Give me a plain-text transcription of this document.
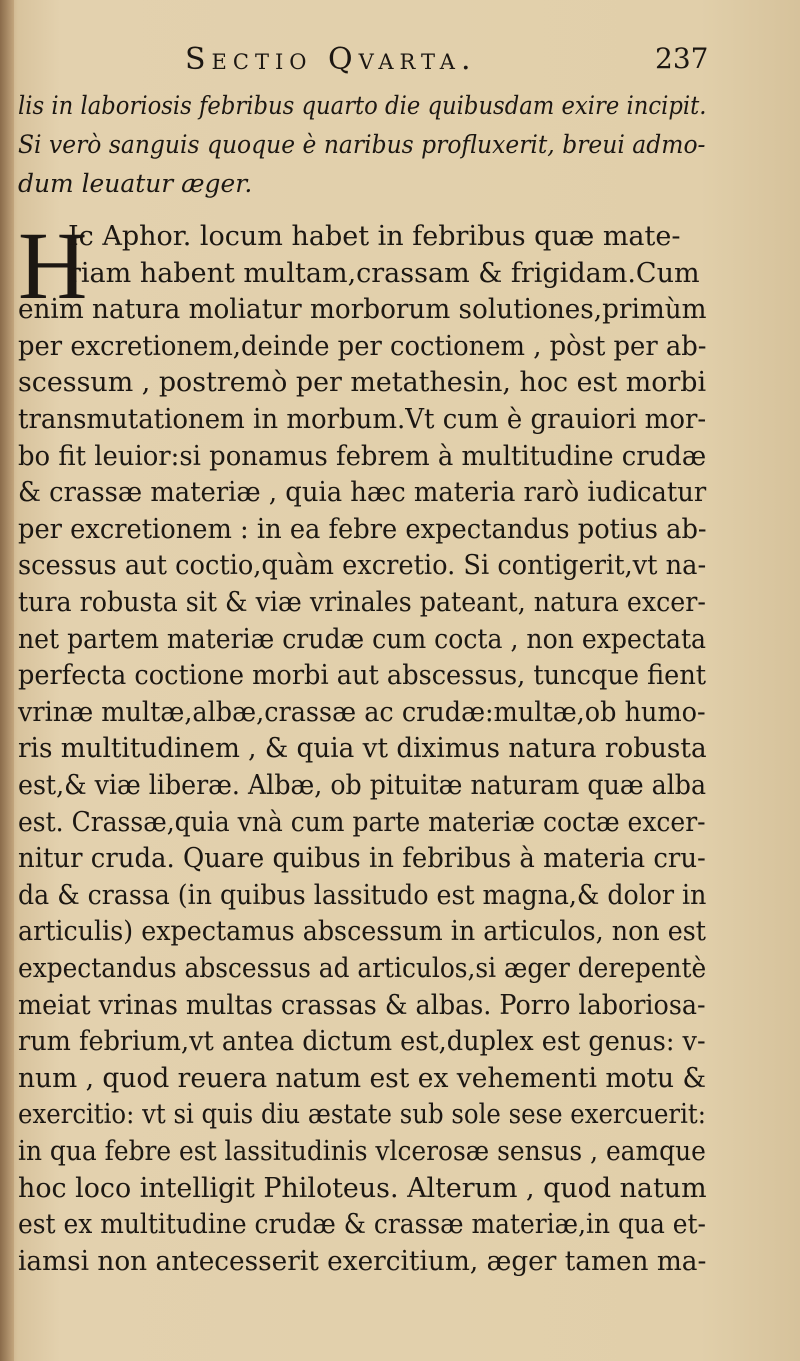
Sectio Qvarta.	237
lis in laboriosis febribus quarto die quibusdam exire incipit.
Si verò sanguis quoque è naribus profluxerit, breui admo-
dum leuatur æger.
H
Ic Aphor. locum habet in febribus quæ mate-
riam habent multam,crassam & frigidam.Cum
enim natura moliatur morborum solutiones,primùm
per excretionem,deinde per coctionem , pòst per ab-
scessum , postremò per metathesin, hoc est morbi
transmutationem in morbum.Vt cum è grauiori mor-
bo fit leuior:si ponamus febrem à multitudine crudæ
& crassæ materiæ , quia hæc materia rarò iudicatur
per excretionem : in ea febre expectandus potius ab-
scessus aut coctio,quàm excretio. Si contigerit,vt na-
tura robusta sit & viæ vrinales pateant, natura excer-
net partem materiæ crudæ cum cocta , non expectata
perfecta coctione morbi aut abscessus, tuncque fient
vrinæ multæ,albæ,crassæ ac crudæ:multæ,ob humo-
ris multitudinem , & quia vt diximus natura robusta
est,& viæ liberæ. Albæ, ob pituitæ naturam quæ alba
est. Crassæ,quia vnà cum parte materiæ coctæ excer-
nitur cruda. Quare quibus in febribus à materia cru-
da & crassa (in quibus lassitudo est magna,& dolor in
articulis) expectamus abscessum in articulos, non est
expectandus abscessus ad articulos,si æger derepentè
meiat vrinas multas crassas & albas. Porro laboriosa-
rum febrium,vt antea dictum est,duplex est genus: v-
num , quod reuera natum est ex vehementi motu &
exercitio: vt si quis diu æstate sub sole sese exercuerit:
in qua febre est lassitudinis vlcerosæ sensus , eamque
hoc loco intelligit Philoteus. Alterum , quod natum
est ex multitudine crudæ & crassæ materiæ,in qua et-
iamsi non antecesserit exercitium, æger tamen ma-
